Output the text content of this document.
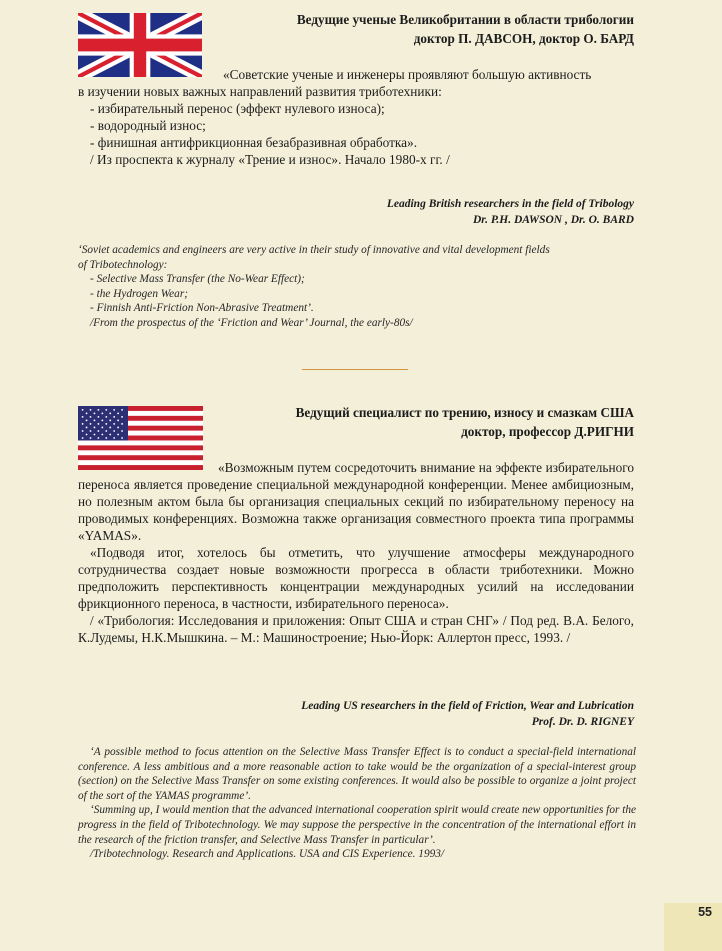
Ведущие ученые Великобритании в области трибологии
доктор П. ДАВСОН, доктор О. БАРД
«Советские ученые и инженеры проявляют большую активность
в изучении новых важных направлений развития триботехники:
- избирательный перенос (эффект нулевого износа);
- водородный износ;
- финишная антифрикционная безабразивная обработка».
/ Из проспекта к журналу «Трение и износ». Начало 1980-х гг. /
Leading British researchers in the field of Tribology
Dr. P.H. DAWSON , Dr. O. BARD
‘Soviet academics and engineers are very active in their study of innovative and vital development fields
of Tribotechnology:
- Selective Mass Transfer (the No-Wear Effect);
- the Hydrogen Wear;
- Finnish Anti-Friction Non-Abrasive Treatment’.
/From the prospectus of the ‘Friction and Wear’ Journal, the early-80s/
Ведущий специалист по трению, износу и смазкам США
доктор, профессор Д.РИГНИ
«Возможным путем сосредоточить внимание на эффекте избирательного переноса является проведение специальной международной конференции. Менее амбициозным, но полезным актом была бы организация специальных секций по избирательному переносу на проводимых конференциях. Возможна также организация совместного проекта типа программы «YAMAS».
«Подводя итог, хотелось бы отметить, что улучшение атмосферы международного сотрудничества создает новые возможности прогресса в области триботехники. Можно предположить перспективность концентрации международных усилий на исследовании фрикционного переноса, в частности, избирательного переноса».
/ «Трибология: Исследования и приложения: Опыт США и стран СНГ» / Под ред. В.А. Белого, К.Лудемы, Н.К.Мышкина. – М.: Машиностроение; Нью-Йорк: Аллертон пресс, 1993. /
Leading US researchers in the field of Friction, Wear and Lubrication
Prof. Dr. D. RIGNEY
‘A possible method to focus attention on the Selective Mass Transfer Effect is to conduct a special-field international conference. A less ambitious and a more reasonable action to take would be the organization of a special-interest group (section) on the Selective Mass Transfer on some existing conferences. It would also be possible to organize a joint project of the sort of the YAMAS programme’.
‘Summing up, I would mention that the advanced international cooperation spirit would create new opportunities for the progress in the field of Tribotechnology. We may suppose the perspective in the concentration of the international effort in the research of the friction transfer, and Selective Mass Transfer in particular’.
/Tribotechnology. Research and Applications. USA and CIS Experience. 1993/
55
